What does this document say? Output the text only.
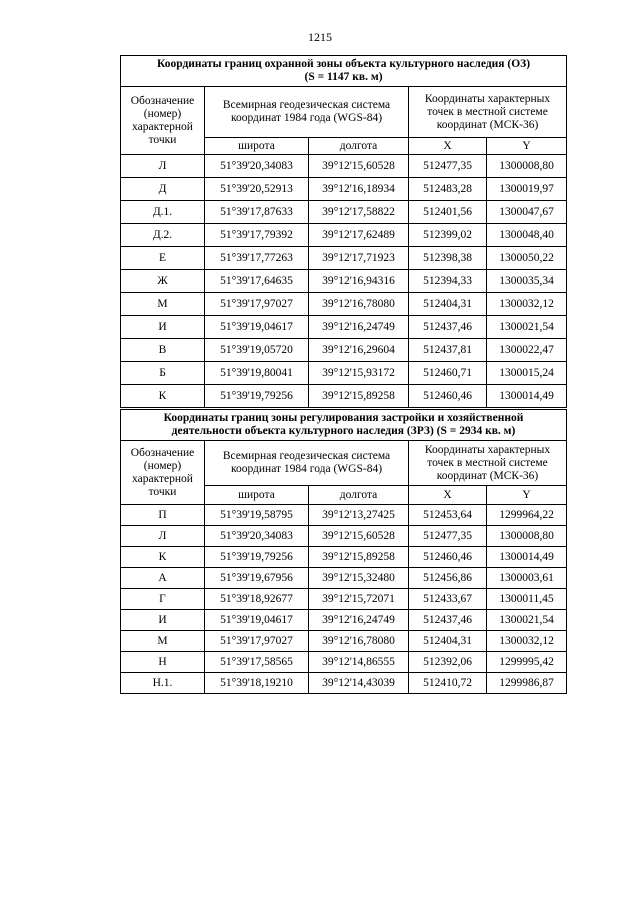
1215
Координаты границ охранной зоны объекта культурного наследия (ОЗ)
(S = 1147 кв. м)				

Обозначение (номер) характерной точки	Всемирная геодезическая система координат 1984 года (WGS-84)		Координаты характерных точек в местной системе координат (МСК-36)	
	широта	долгота	X	Y
Л	51°39'20,34083	39°12'15,60528	512477,35	1300008,80
Д	51°39'20,52913	39°12'16,18934	512483,28	1300019,97
Д.1.	51°39'17,87633	39°12'17,58822	512401,56	1300047,67
Д.2.	51°39'17,79392	39°12'17,62489	512399,02	1300048,40
Е	51°39'17,77263	39°12'17,71923	512398,38	1300050,22
Ж	51°39'17,64635	39°12'16,94316	512394,33	1300035,34
М	51°39'17,97027	39°12'16,78080	512404,31	1300032,12
И	51°39'19,04617	39°12'16,24749	512437,46	1300021,54
В	51°39'19,05720	39°12'16,29604	512437,81	1300022,47
Б	51°39'19,80041	39°12'15,93172	512460,71	1300015,24
К	51°39'19,79256	39°12'15,89258	512460,46	1300014,49
Координаты границ зоны регулирования застройки и хозяйственной
деятельности объекта культурного наследия (ЗРЗ) (S = 2934 кв. м)				

Обозначение (номер) характерной точки	Всемирная геодезическая система координат 1984 года (WGS-84)		Координаты характерных точек в местной системе координат (МСК-36)	
	широта	долгота	X	Y
П	51°39'19,58795	39°12'13,27425	512453,64	1299964,22
Л	51°39'20,34083	39°12'15,60528	512477,35	1300008,80
К	51°39'19,79256	39°12'15,89258	512460,46	1300014,49
А	51°39'19,67956	39°12'15,32480	512456,86	1300003,61
Г	51°39'18,92677	39°12'15,72071	512433,67	1300011,45
И	51°39'19,04617	39°12'16,24749	512437,46	1300021,54
М	51°39'17,97027	39°12'16,78080	512404,31	1300032,12
Н	51°39'17,58565	39°12'14,86555	512392,06	1299995,42
Н.1.	51°39'18,19210	39°12'14,43039	512410,72	1299986,87
